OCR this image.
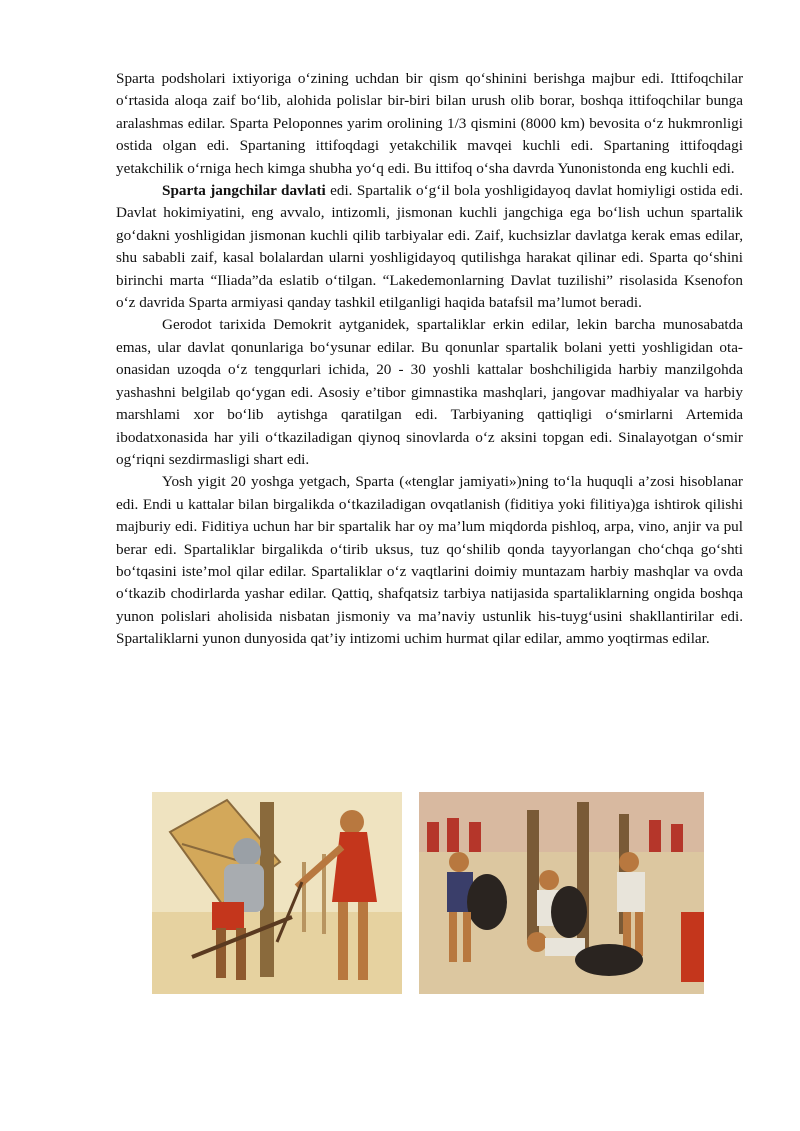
Sparta podsholari ixtiyoriga o‘zining uchdan bir qism qo‘shinini berishga majbur edi. Ittifoqchilar o‘rtasida aloqa zaif bo‘lib, alohida polislar bir-biri bilan urush olib borar, boshqa ittifoqchilar bunga aralashmas edilar. Sparta Peloponnes yarim orolining 1/3 qismini (8000 km) bevosita o‘z hukmronligi ostida olgan edi. Spartaning ittifoqdagi yetakchilik mavqei kuchli edi. Spartaning ittifoqdagi yetakchilik o‘rniga hech kimga shubha yo‘q edi. Bu ittifoq o‘sha davrda Yunonistonda eng kuchli edi.

Sparta jangchilar davlati edi. Spartalik o‘g‘il bola yoshligidayoq davlat homiyligi ostida edi. Davlat hokimiyatini, eng avvalo, intizomli, jismonan kuchli jangchiga ega bo‘lish uchun spartalik go‘dakni yoshligidan jismonan kuchli qilib tarbiyalar edi. Zaif, kuchsizlar davlatga kerak emas edilar, shu sababli zaif, kasal bolalardan ularni yoshligidayoq qutilishga harakat qilinar edi. Sparta qo‘shini birinchi marta “Iliada”da eslatib o‘tilgan. “Lakedemonlarning Davlat tuzilishi” risolasida Ksenofon o‘z davrida Sparta armiyasi qanday tashkil etilganligi haqida batafsil ma’lumot beradi.

Gerodot tarixida Demokrit aytganidek, spartaliklar erkin edilar, lekin barcha munosabatda emas, ular davlat qonunlariga bo‘ysunar edilar. Bu qonunlar spartalik bolani yetti yoshligidan ota-onasidan uzoqda o‘z tengqurlari ichida, 20 - 30 yoshli kattalar boshchiligida harbiy manzilgohda yashashni belgilab qo‘ygan edi. Asosiy e’tibor gimnastika mashqlari, jangovar madhiyalar va harbiy marshlami xor bo‘lib aytishga qaratilgan edi. Tarbiyaning qattiqligi o‘smirlarni Artemida ibodatxonasida har yili o‘tkaziladigan qiynoq sinovlarda o‘z aksini topgan edi. Sinalayotgan o‘smir og‘riqni sezdirmasligi shart edi.

Yosh yigit 20 yoshga yetgach, Sparta («tenglar jamiyati»)ning to‘la huquqli a’zosi hisoblanar edi. Endi u kattalar bilan birgalikda o‘tkaziladigan ovqatlanish (fiditiya yoki filitiya)ga ishtirok qilishi majburiy edi. Fiditiya uchun har bir spartalik har oy ma’lum miqdorda pishloq, arpa, vino, anjir va pul berar edi. Spartaliklar birgalikda o‘tirib uksus, tuz qo‘shilib qonda tayyorlangan cho‘chqa go‘shti bo‘tqasini iste’mol qilar edilar. Spartaliklar o‘z vaqtlarini doimiy muntazam harbiy mashqlar va ovda o‘tkazib chodirlarda yashar edilar. Qattiq, shafqatsiz tarbiya natijasida spartaliklarning ongida boshqa yunon polislari aholisida nisbatan jismoniy va ma’naviy ustunlik his-tuyg‘usini shakllantirilar edi. Spartaliklarni yunon dunyosida qat’iy intizomi uchim hurmat qilar edilar, ammo yoqtirmas edilar.
